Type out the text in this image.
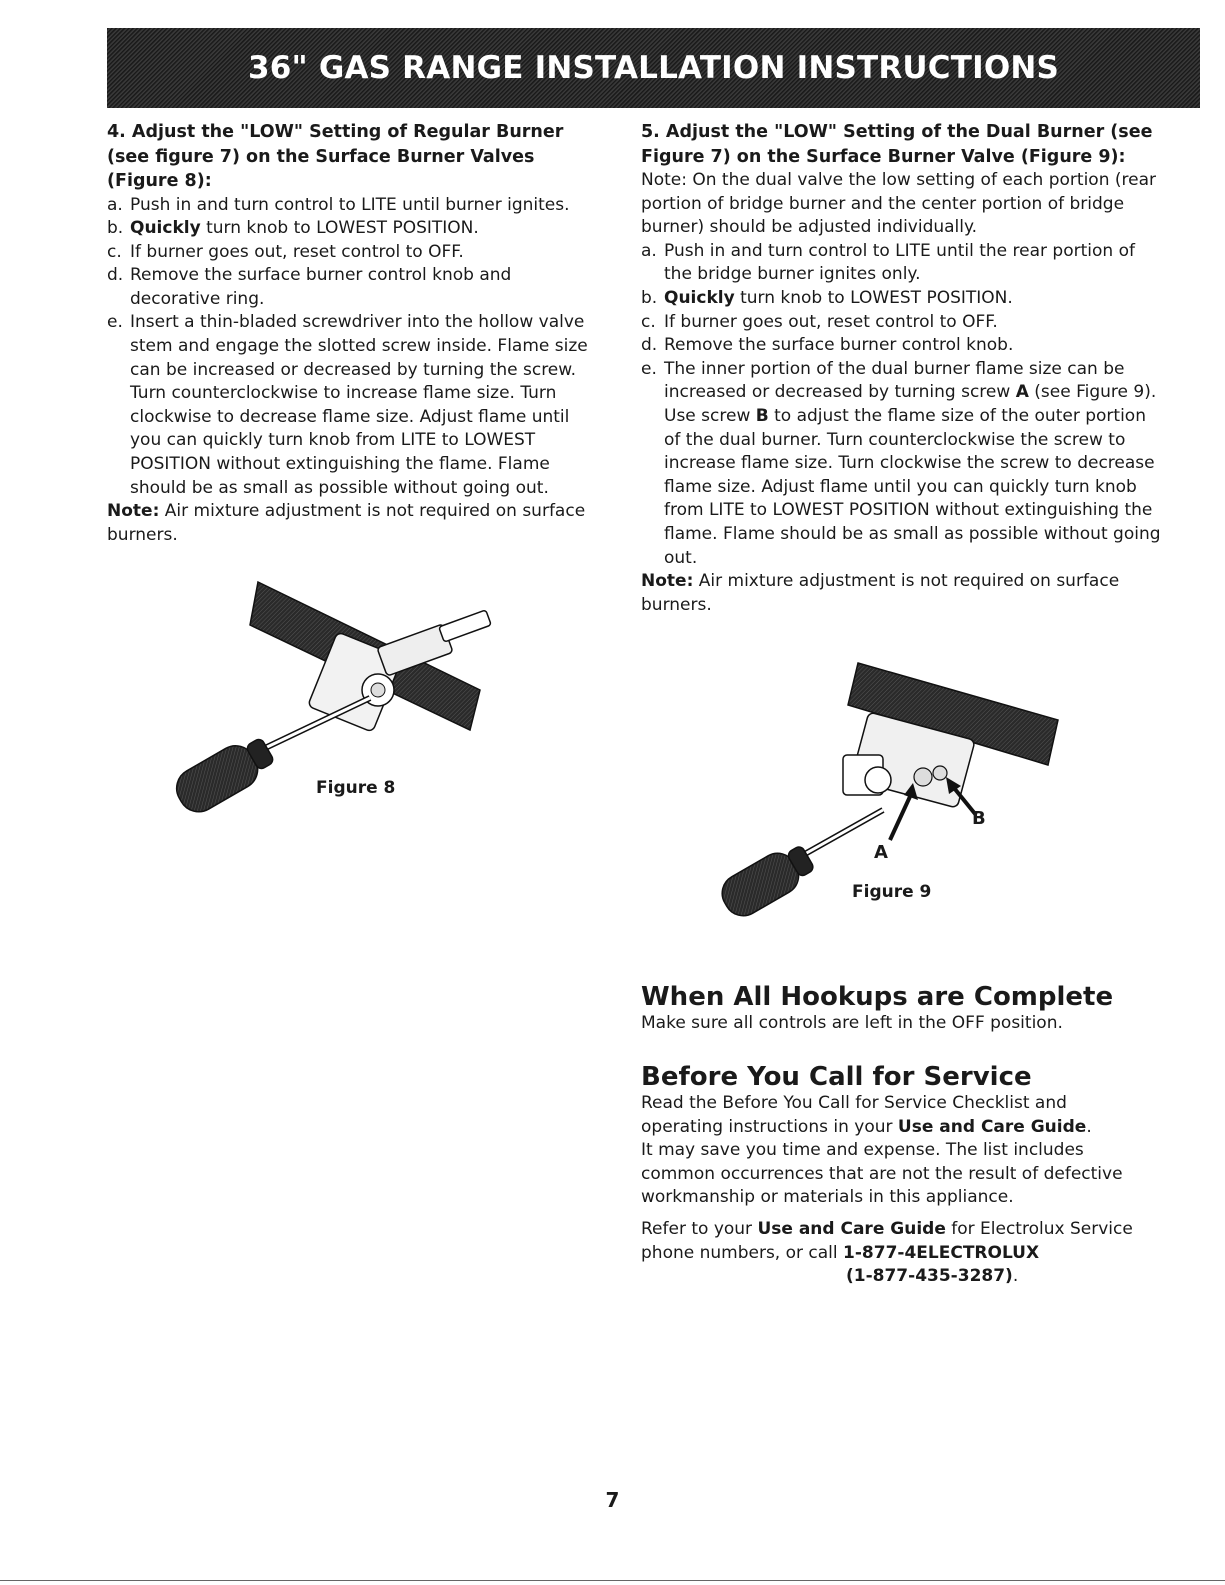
36" GAS RANGE INSTALLATION INSTRUCTIONS

4. Adjust the "LOW" Setting of Regular Burner (see figure 7) on the Surface Burner Valves (Figure 8):

a. Push in and turn control to LITE until burner ignites.
b. Quickly turn knob to LOWEST POSITION.
c. If burner goes out, reset control to OFF.
d. Remove the surface burner control knob and decorative ring.
e. Insert a thin-bladed screwdriver into the hollow valve stem and engage the slotted screw inside. Flame size can be increased or decreased by turning the screw. Turn counterclockwise to increase flame size. Turn clockwise to decrease flame size. Adjust flame until you can quickly turn knob from LITE to LOWEST POSITION without extinguishing the flame. Flame should be as small as possible without going out.

Note: Air mixture adjustment is not required on surface burners.

Figure 8

5. Adjust the "LOW" Setting of the Dual Burner (see Figure 7) on the Surface Burner Valve (Figure 9):

Note: On the dual valve the low setting of each portion (rear portion of bridge burner and the center portion of bridge burner) should be adjusted individually.

a. Push in and turn control to LITE until the rear portion of the bridge burner ignites only.
b. Quickly turn knob to LOWEST POSITION.
c. If burner goes out, reset control to OFF.
d. Remove the surface burner control knob.
e. The inner portion of the dual burner flame size can be increased or decreased by turning screw A (see Figure 9). Use screw B to adjust the flame size of the outer portion of the dual burner. Turn counterclockwise the screw to increase flame size. Turn clockwise the screw to decrease flame size. Adjust flame until you can quickly turn knob from LITE to LOWEST POSITION without extinguishing the flame. Flame should be as small as possible without going out.

Note: Air mixture adjustment is not required on surface burners.

A
B
Figure 9
When All Hookups are Complete

Make sure all controls are left in the OFF position.

Before You Call for Service

Read the Before You Call for Service Checklist and operating instructions in your Use and Care Guide.

It may save you time and expense. The list includes common occurrences that are not the result of defective workmanship or materials in this appliance.

Refer to your Use and Care Guide for Electrolux Service phone numbers, or call 1-877-4ELECTROLUX
(1-877-435-3287).

7
